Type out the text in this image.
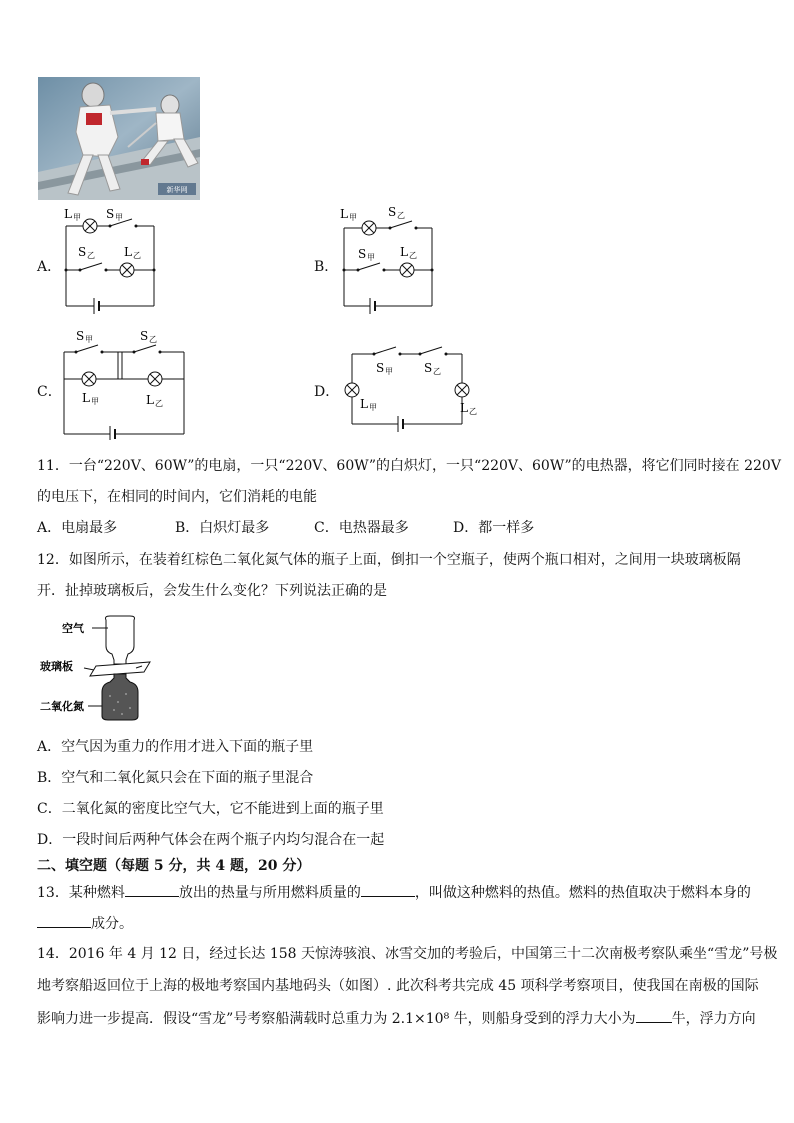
新华网
A．
L 甲 S 甲
S 乙 L 乙
B．
L 甲	S 乙
S 甲 L 乙
C．
S 甲	S 乙
L 甲	L 乙
D．
S 甲	S 乙
L 甲	L 乙
11．一台“220V、60W”的电扇，一只“220V、60W”的白炽灯，一只“220V、60W”的电热器，将它们同时接在 220V
的电压下，在相同的时间内，它们消耗的电能
A．电扇最多	B．白炽灯最多	C．电热器最多	D．都一样多
12．如图所示，在装着红棕色二氧化氮气体的瓶子上面，倒扣一个空瓶子，使两个瓶口相对，之间用一块玻璃板隔
开．扯掉玻璃板后，会发生什么变化？下列说法正确的是
空气
玻璃板
二氧化氮
A．空气因为重力的作用才进入下面的瓶子里
B．空气和二氧化氮只会在下面的瓶子里混合
C．二氧化氮的密度比空气大，它不能进到上面的瓶子里
D．一段时间后两种气体会在两个瓶子内均匀混合在一起
二、填空题（每题 5 分，共 4 题，20 分）
13．某种燃料	放出的热量与所用燃料质量的	，叫做这种燃料的热值。燃料的热值取决于燃料本身的
成分。
14．2016 年 4 月 12 日，经过长达 158 天惊涛骇浪、冰雪交加的考验后，中国第三十二次南极考察队乘坐“雪龙”号极
地考察船返回位于上海的极地考察国内基地码头（如图）. 此次科考共完成 45 项科学考察项目，使我国在南极的国际
影响力进一步提高．假设“雪龙”号考察船满载时总重力为 2.1×10⁸ 牛，则船身受到的浮力大小为	牛，浮力方向
